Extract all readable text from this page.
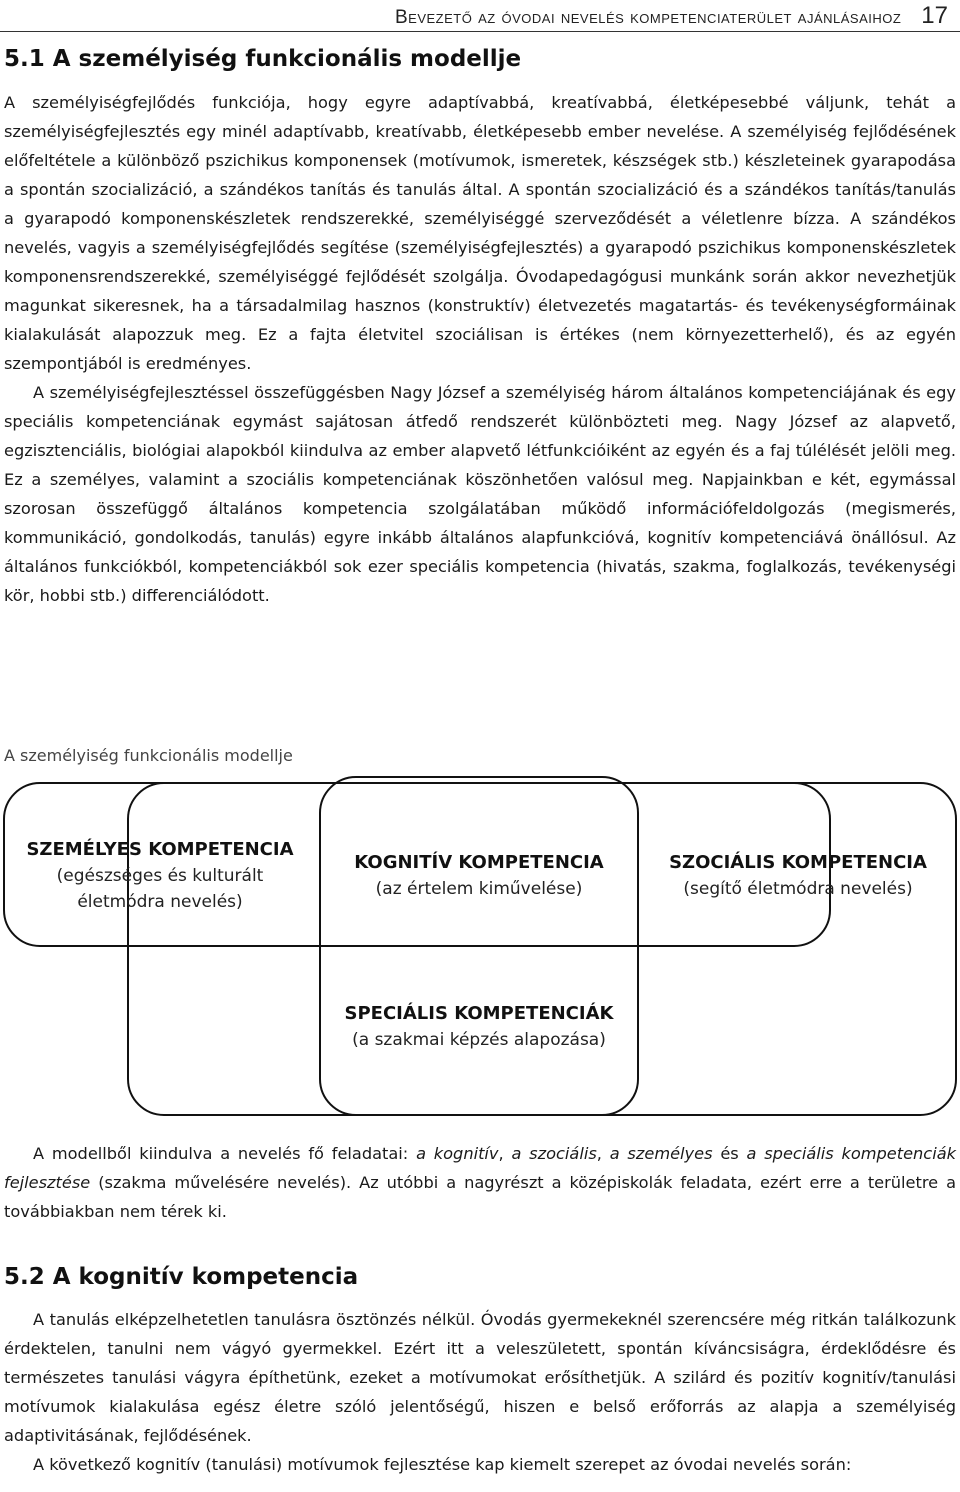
Bevezető az óvodai nevelés kompetenciaterület ajánlásaihoz 17
5.1 A személyiség funkcionális modellje

A személyiségfejlődés funkciója, hogy egyre adaptívabbá, kreatívabbá, életképesebbé váljunk, tehát a személyiségfejlesztés egy minél adaptívabb, kreatívabb, életképesebb ember nevelése. A személyiség fejlődésének előfeltétele a különböző pszichikus komponensek (motívumok, ismeretek, készségek stb.) készleteinek gyarapodása a spontán szocializáció, a szándékos tanítás és tanulás által. A spontán szocializáció és a szándékos tanítás/tanulás a gyarapodó komponenskészletek rendszerekké, személyiséggé szerveződését a véletlenre bízza. A szándékos nevelés, vagyis a személyiségfejlődés segítése (személyiségfejlesztés) a gyarapodó pszichikus komponenskészletek komponensrendszerekké, személyiséggé fejlődését szolgálja. Óvodapedagógusi munkánk során akkor nevezhetjük magunkat sikeresnek, ha a társadalmilag hasznos (konstruktív) életvezetés magatartás- és tevékenységformáinak kialakulását alapozzuk meg. Ez a fajta életvitel szociálisan is értékes (nem környezetterhelő), és az egyén szempontjából is eredményes.

A személyiségfejlesztéssel összefüggésben Nagy József a személyiség három általános kompetenciájának és egy speciális kompetenciának egymást sajátosan átfedő rendszerét különbözteti meg. Nagy József az alapvető, egzisztenciális, biológiai alapokból kiindulva az ember alapvető létfunkcióiként az egyén és a faj túlélését jelöli meg. Ez a személyes, valamint a szociális kompetenciának köszönhetően valósul meg. Napjainkban e két, egymással szorosan összefüggő általános kompetencia szolgálatában működő információfeldolgozás (megismerés, kommunikáció, gondolkodás, tanulás) egyre inkább általános alapfunkcióvá, kognitív kompetenciává önállósul. Az általános funkciókból, kompetenciákból sok ezer speciális kompetencia (hivatás, szakma, foglalkozás, tevékenységi kör, hobbi stb.) differenciálódott.

A személyiség funkcionális modellje

SZEMÉLYES KOMPETENCIA
(egészséges és kulturált
életmódra nevelés)
KOGNITÍV KOMPETENCIA
(az értelem kiművelése)
SZOCIÁLIS KOMPETENCIA
(segítő életmódra nevelés)
SPECIÁLIS KOMPETENCIÁK
(a szakmai képzés alapozása)

A modellből kiindulva a nevelés fő feladatai: a kognitív, a szociális, a személyes és a speciális kompetenciák fejlesztése (szakma művelésére nevelés). Az utóbbi a nagyrészt a középiskolák feladata, ezért erre a területre a továbbiakban nem térek ki.

5.2 A kognitív kompetencia

A tanulás elképzelhetetlen tanulásra ösztönzés nélkül. Óvodás gyermekeknél szerencsére még ritkán találkozunk érdektelen, tanulni nem vágyó gyermekkel. Ezért itt a veleszületett, spontán kíváncsiságra, érdeklődésre és természetes tanulási vágyra építhetünk, ezeket a motívumokat erősíthetjük. A szilárd és pozitív kognitív/tanulási motívumok kialakulása egész életre szóló jelentőségű, hiszen e belső erőforrás az alapja a személyiség adaptivitásának, fejlődésének.

A következő kognitív (tanulási) motívumok fejlesztése kap kiemelt szerepet az óvodai nevelés során:
